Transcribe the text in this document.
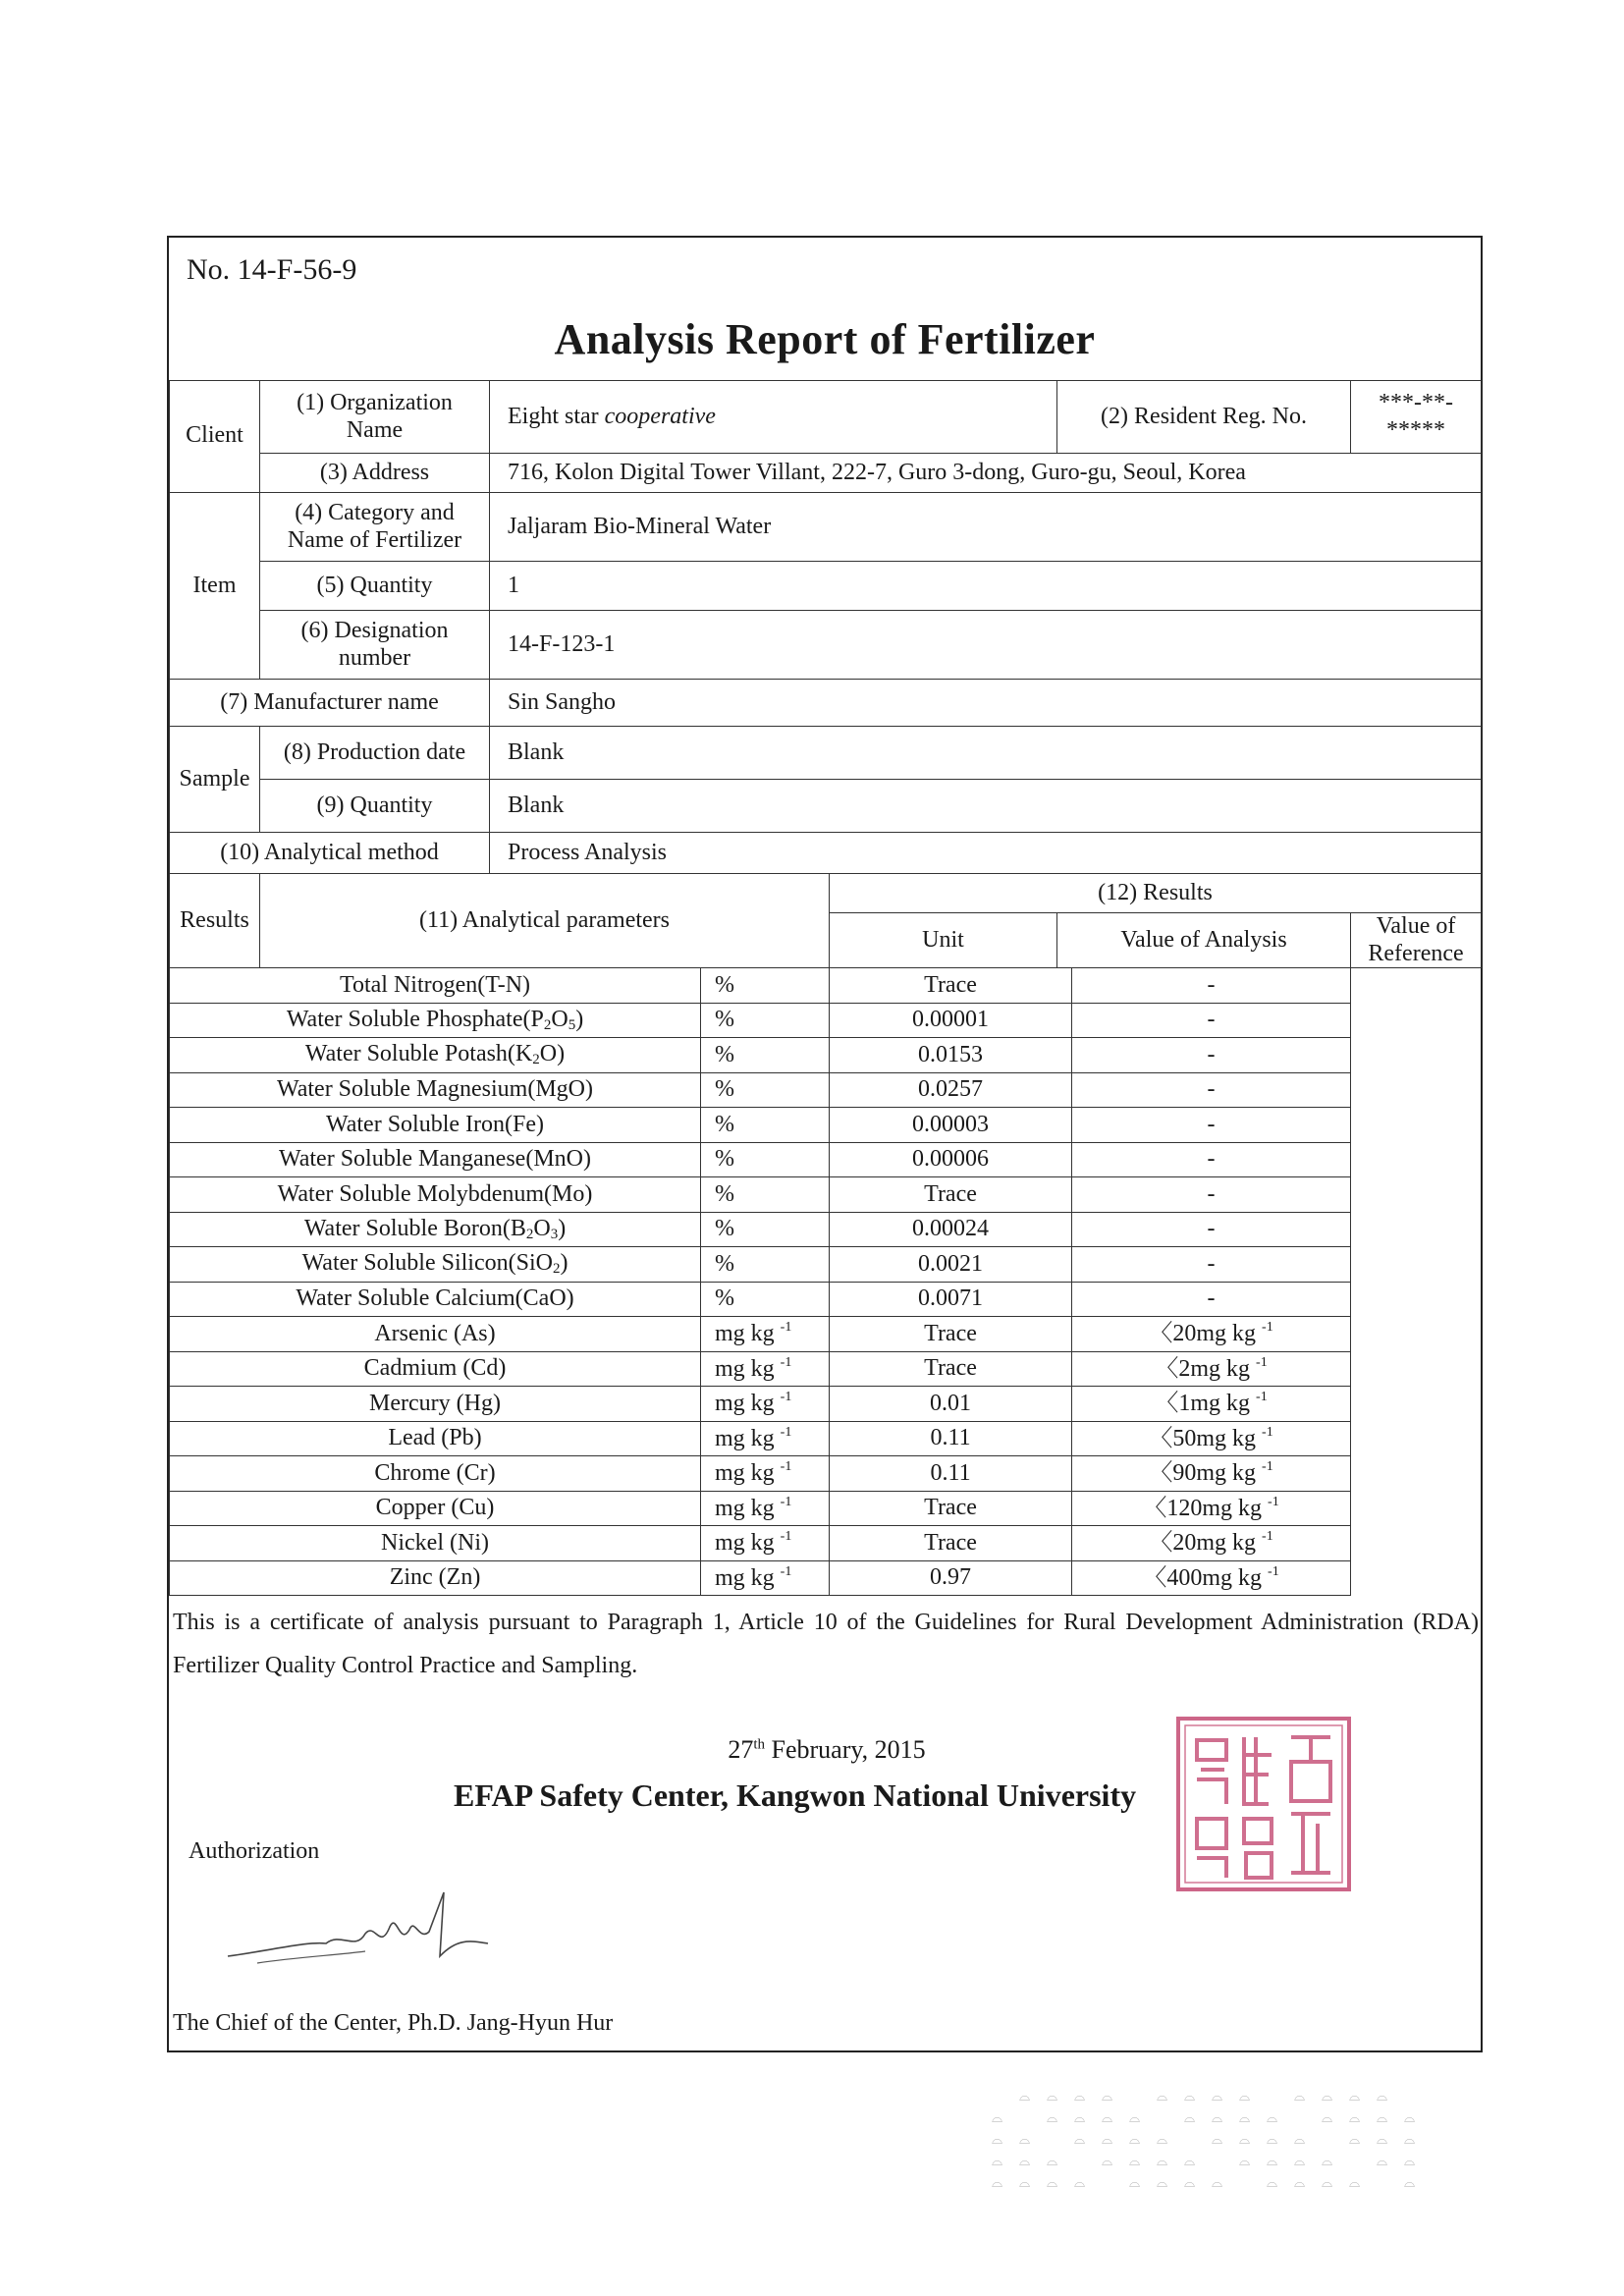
No. 14-F-56-9
Analysis Report of Fertilizer
Client	(1) Organization Name	Eight star cooperative			(2) Resident Reg. No.		***-**-*****
	(3) Address	716, Kolon Digital Tower Villant, 222-7, Guro 3-dong, Guro-gu, Seoul, Korea					
Item	(4) Category and Name of Fertilizer	Jaljaram Bio-Mineral Water					
	(5) Quantity	1					
	(6) Designation number	14-F-123-1					
(7) Manufacturer name		Sin Sangho					
Sample	(8) Production date	Blank					
	(9) Quantity	Blank					
(10) Analytical method		Process Analysis					
Results	(11) Analytical parameters			(12) Results			
				Unit	Value of Analysis		Value of Reference
Total Nitrogen(T-N)			%	Trace		-	
Water Soluble $Phosphate(P_2O_5)$			%	0.00001		-	
Water Soluble $Potash(K_2O)$			%	0.0153		-	
Water Soluble Magnesium(MgO)			%	0.0257		-	
Water Soluble Iron(Fe)			%	0.00003		-	
Water Soluble Manganese(MnO)			%	0.00006		-	
Water Soluble Molybdenum(Mo)			%	Trace		-	
Water Soluble $Boron(B_2O_3)$			%	0.00024		-	
Water Soluble Silicon(SiO$_2$)			%	0.0021		-	
Water Soluble Calcium(CaO)			%	0.0071		-	
Arsenic (As)			mg kg $^{-1}$	Trace		〈20mg kg $^{-1}$
Cadmium (Cd)			mg kg $^{-1}$	Trace		〈2mg kg $^{-1}$
Mercury (Hg)			mg kg $^{-1}$	0.01		〈1mg kg $^{-1}$
Lead (Pb)			mg kg $^{-1}$	0.11		〈50mg kg $^{-1}$
Chrome (Cr)			mg kg $^{-1}$	0.11		〈90mg kg $^{-1}$
Copper (Cu)			mg kg $^{-1}$	Trace		〈120mg kg $^{-1}$
Nickel (Ni)			mg kg $^{-1}$	Trace		〈20mg kg $^{-1}$
Zinc (Zn)			mg kg $^{-1}$	0.97		〈400mg kg $^{-1}$
This is a certificate of analysis pursuant to Paragraph 1, Article 10 of the Guidelines for Rural Development Administration (RDA) Fertilizer Quality Control Practice and Sampling.
27th February, 2015
EFAP Safety Center, Kangwon National University
Authorization
The Chief of the Center, Ph.D. Jang-Hyun Hur
⌓ ⌓ ⌓ ⌓	⌓ ⌓ ⌓ ⌓	⌓ ⌓ ⌓ ⌓
⌓	⌓ ⌓ ⌓ ⌓	⌓ ⌓ ⌓ ⌓	⌓ ⌓ ⌓ ⌓
⌓ ⌓	⌓ ⌓ ⌓ ⌓	⌓ ⌓ ⌓ ⌓	⌓ ⌓ ⌓
⌓ ⌓ ⌓	⌓ ⌓ ⌓ ⌓	⌓ ⌓ ⌓ ⌓	⌓ ⌓
⌓ ⌓ ⌓ ⌓	⌓ ⌓ ⌓ ⌓	⌓ ⌓ ⌓ ⌓	⌓
